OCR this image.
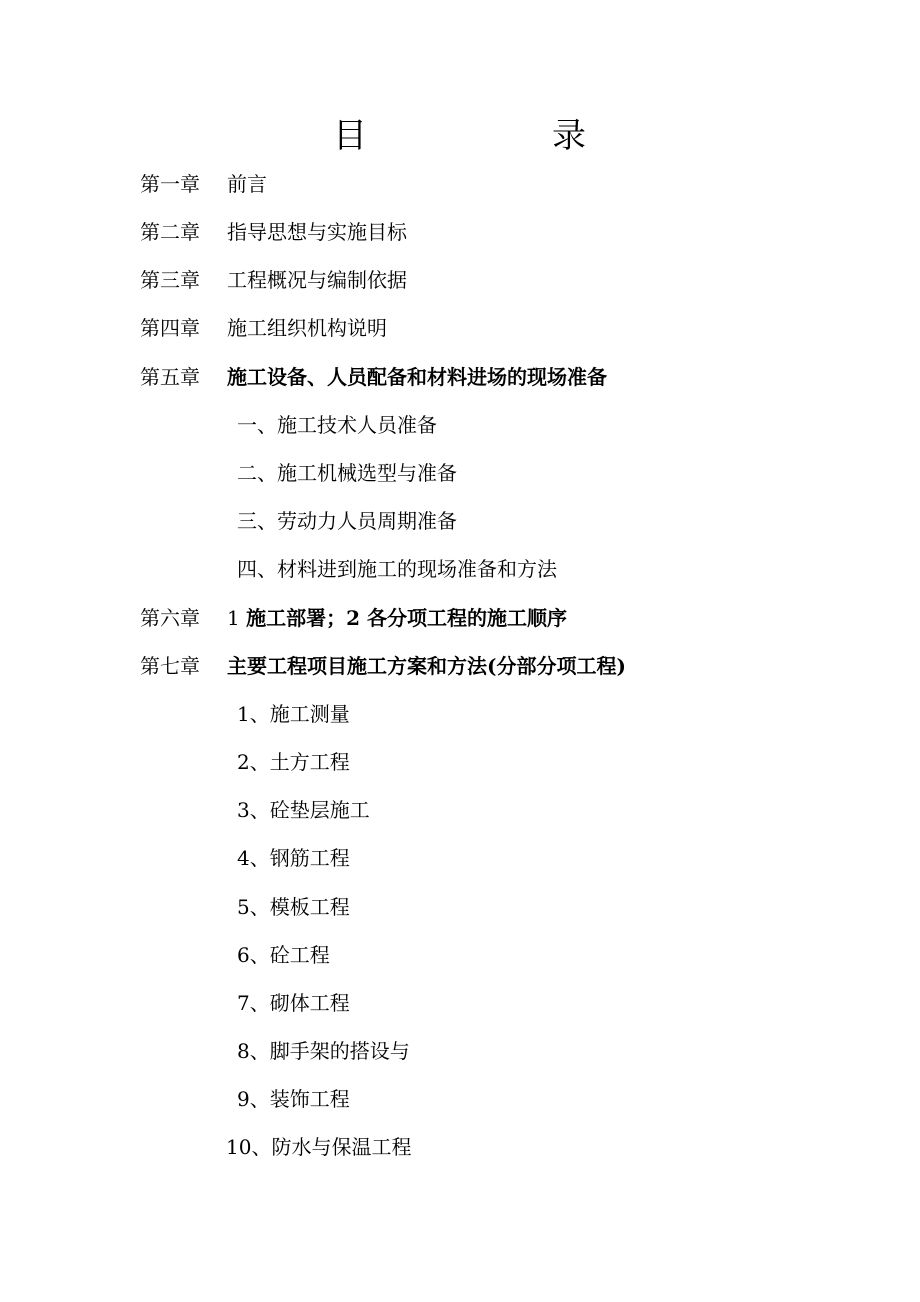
目	录
第一章 前言
第二章 指导思想与实施目标
第三章 工程概况与编制依据
第四章 施工组织机构说明
第五章 施工设备、人员配备和材料进场的现场准备
一、施工技术人员准备
二、施工机械选型与准备
三、劳动力人员周期准备
四、材料进到施工的现场准备和方法
第六章 1 施工部署；2 各分项工程的施工顺序
第七章 主要工程项目施工方案和方法(分部分项工程)
1、施工测量
2、土方工程
3、砼垫层施工
4、钢筋工程
5、模板工程
6、砼工程
7、砌体工程
8、脚手架的搭设与
9、装饰工程
10、防水与保温工程
